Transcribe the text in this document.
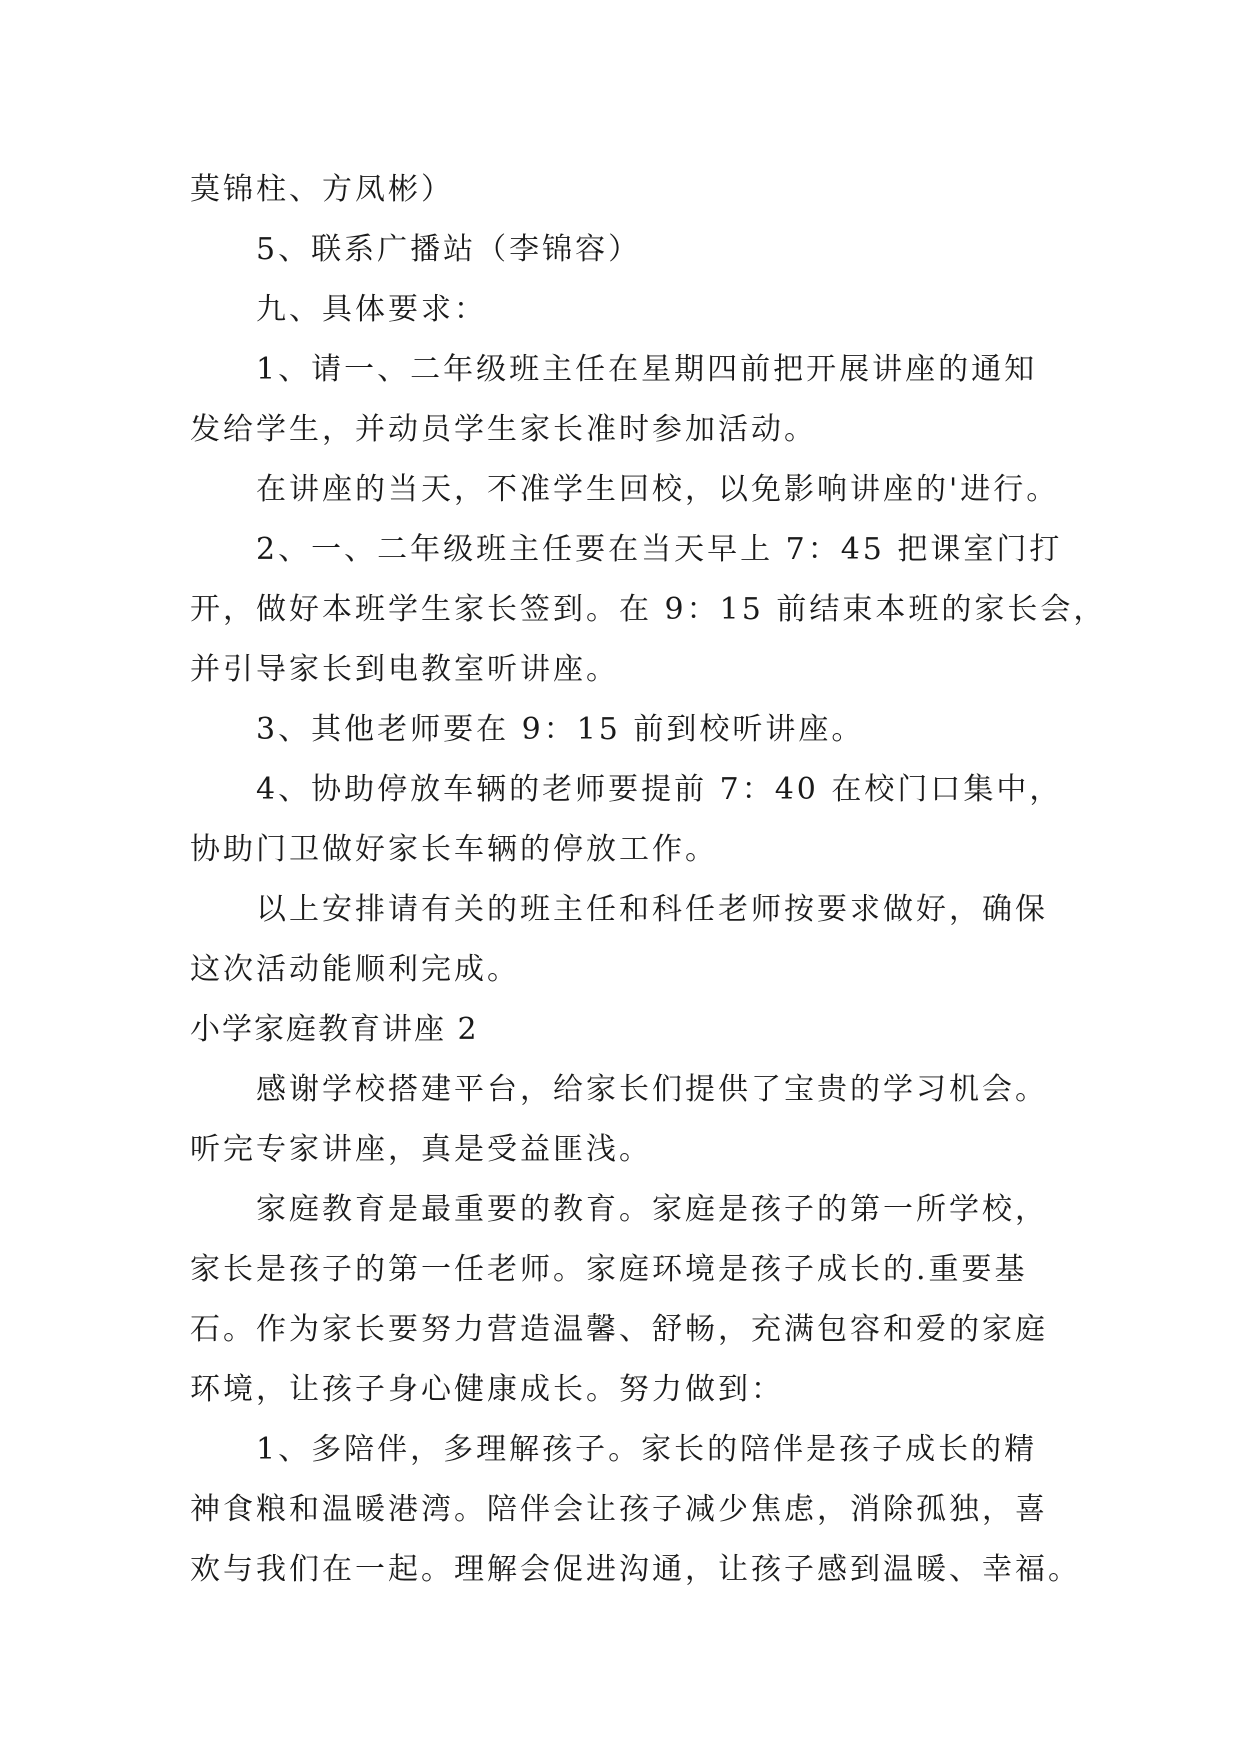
莫锦柱、方凤彬）
5、联系广播站（李锦容）
九、具体要求：
1、请一、二年级班主任在星期四前把开展讲座的通知
发给学生，并动员学生家长准时参加活动。
在讲座的当天，不准学生回校，以免影响讲座的'进行。
2、一、二年级班主任要在当天早上 7：45 把课室门打
开，做好本班学生家长签到。在 9：15 前结束本班的家长会，
并引导家长到电教室听讲座。
3、其他老师要在 9：15 前到校听讲座。
4、协助停放车辆的老师要提前 7：40 在校门口集中，
协助门卫做好家长车辆的停放工作。
以上安排请有关的班主任和科任老师按要求做好，确保
这次活动能顺利完成。
小学家庭教育讲座 2
感谢学校搭建平台，给家长们提供了宝贵的学习机会。
听完专家讲座，真是受益匪浅。
家庭教育是最重要的教育。家庭是孩子的第一所学校，
家长是孩子的第一任老师。家庭环境是孩子成长的.重要基
石。作为家长要努力营造温馨、舒畅，充满包容和爱的家庭
环境，让孩子身心健康成长。努力做到：
1、多陪伴，多理解孩子。家长的陪伴是孩子成长的精
神食粮和温暖港湾。陪伴会让孩子减少焦虑，消除孤独，喜
欢与我们在一起。理解会促进沟通，让孩子感到温暖、幸福。
